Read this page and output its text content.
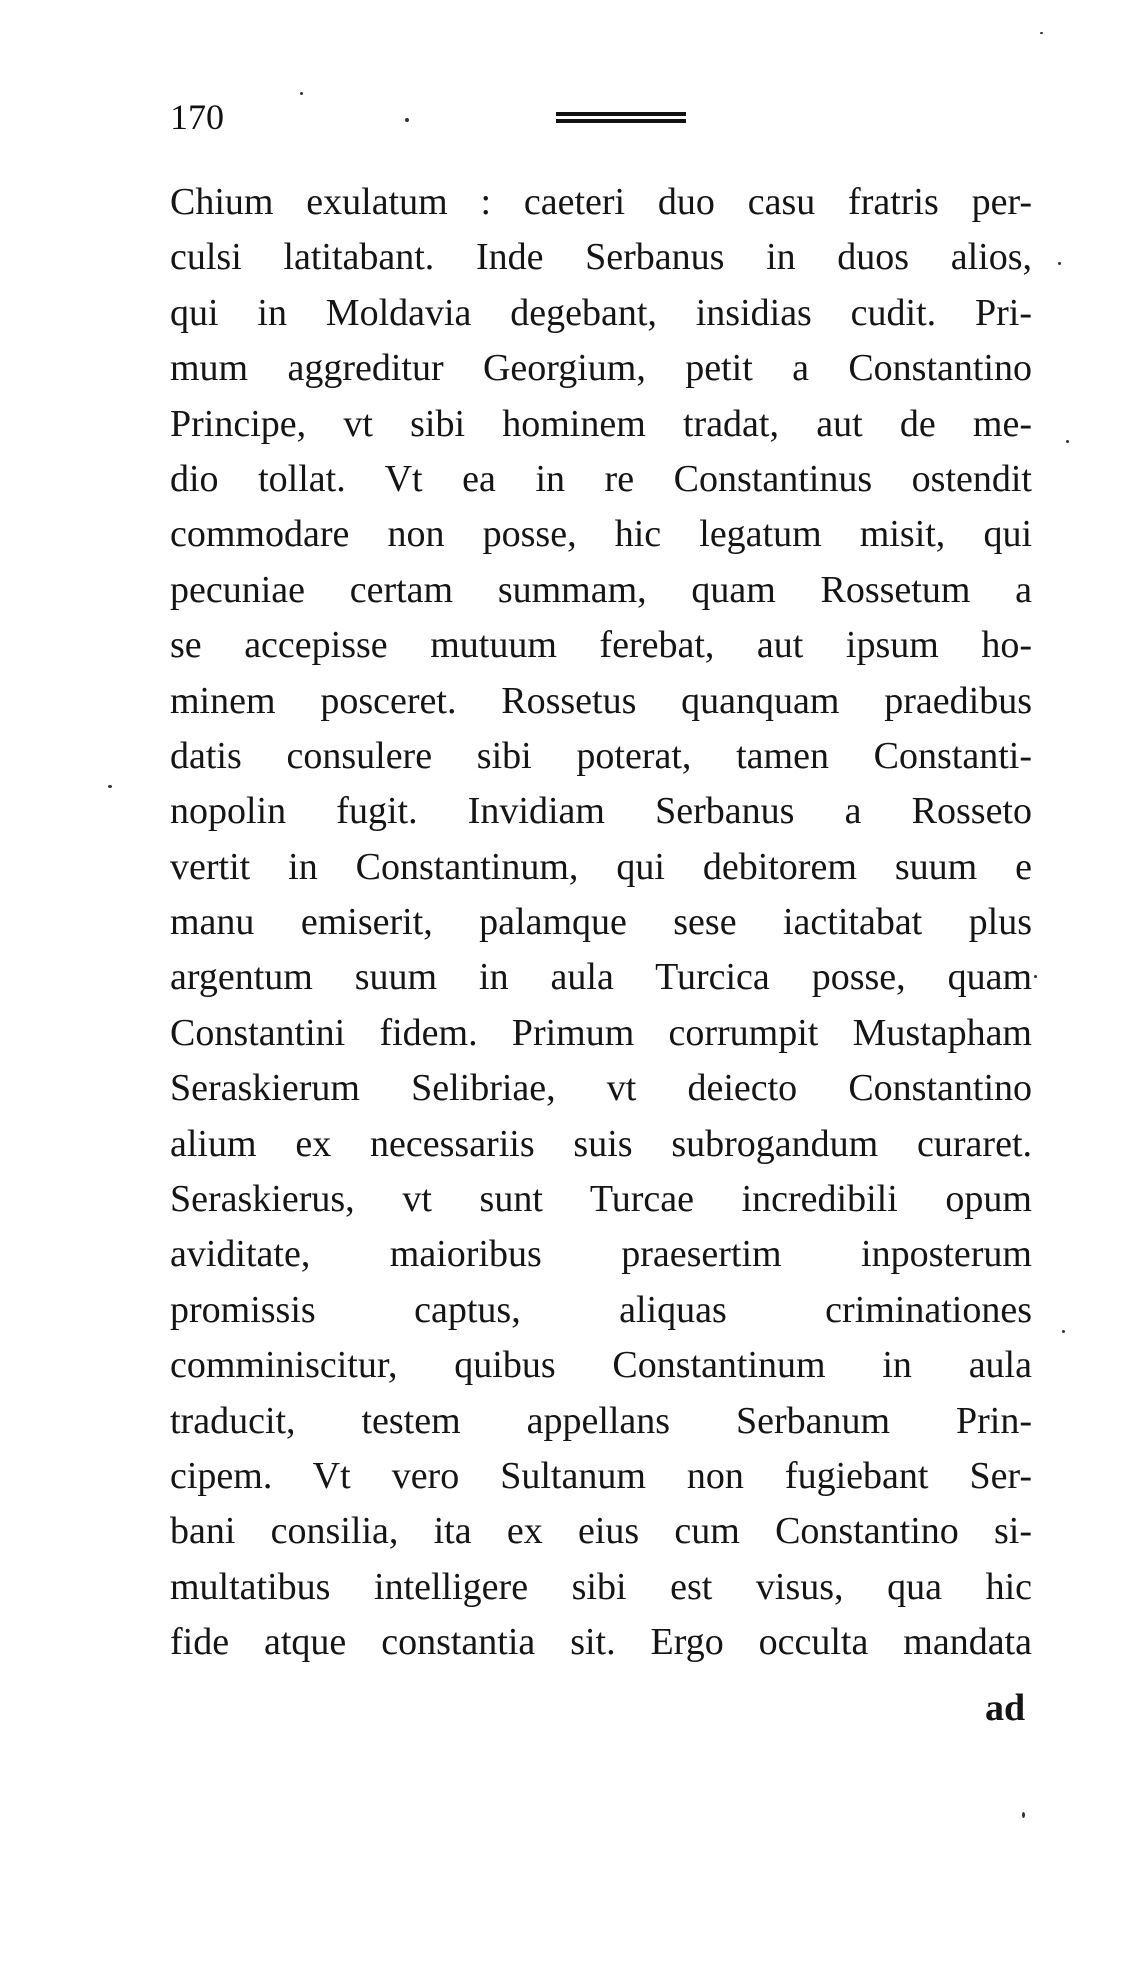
170
Chium exulatum : caeteri duo casu fratris per-
culsi latitabant. Inde Serbanus in duos alios,
qui in Moldavia degebant, insidias cudit. Pri-
mum aggreditur Georgium, petit a Constantino
Principe, vt sibi hominem tradat, aut de me-
dio tollat. Vt ea in re Constantinus ostendit
commodare non posse, hic legatum misit, qui
pecuniae certam summam, quam Rossetum a
se accepisse mutuum ferebat, aut ipsum ho-
minem posceret. Rossetus quanquam praedibus
datis consulere sibi poterat, tamen Constanti-
nopolin fugit. Invidiam Serbanus a Rosseto
vertit in Constantinum, qui debitorem suum e
manu emiserit, palamque sese iactitabat plus
argentum suum in aula Turcica posse, quam
Constantini fidem. Primum corrumpit Mustapham
Seraskierum Selibriae, vt deiecto Constantino
alium ex necessariis suis subrogandum curaret.
Seraskierus, vt sunt Turcae incredibili opum
aviditate, maioribus praesertim inposterum
promissis captus, aliquas criminationes
comminiscitur, quibus Constantinum in aula
traducit, testem appellans Serbanum Prin-
cipem. Vt vero Sultanum non fugiebant Ser-
bani consilia, ita ex eius cum Constantino si-
multatibus intelligere sibi est visus, qua hic
fide atque constantia sit. Ergo occulta mandata
ad
